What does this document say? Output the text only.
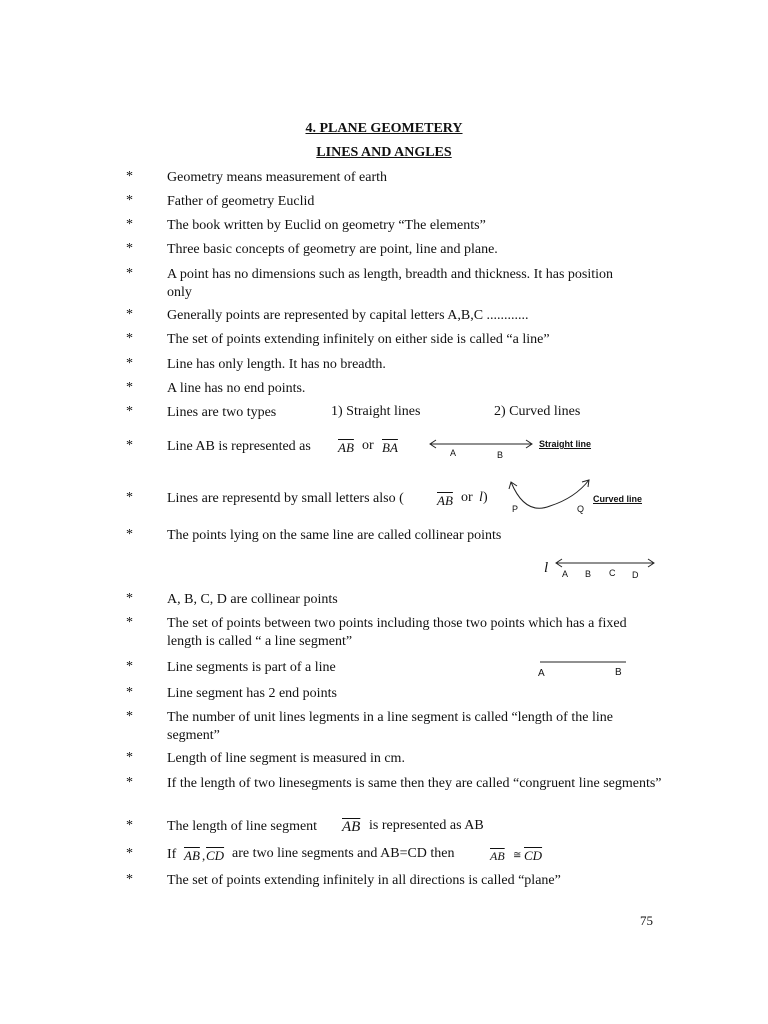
4. PLANE GEOMETERY
LINES AND ANGLES
* Geometry means measurement of earth
* Father of geometry Euclid
* The book written by Euclid on geometry “The elements”
* Three basic concepts of geometry are point, line and plane.
* A point has no dimensions such as length, breadth and thickness. It has position only
* Generally points are represented by capital letters A,B,C ............
* The set of points extending infinitely on either side is called “a line”
* Line has only length. It has no breadth.
* A line has no end points.
* Lines are two types	1) Straight lines	2) Curved lines
* Line AB is represented as	$\overline{AB}$ or $\overline{BA}$	Straight line
A	B
* Lines are representd by small letters also (	$\overline{AB}$ or l )
P	Q
Curved line
* The points lying on the same line are called collinear points
l A B C D
* A, B, C, D are collinear points
* The set of points between two points including those two points which has a fixed length is called “ a line segment”
* Line segments is part of a line	A	B
* Line segment has 2 end points
* The number of unit lines legments in a line segment is called “length of the line segment”
* Length of line segment is measured in cm.
* If the length of two linesegments is same then they are called “congruent line segments”
* The length of line segment	$\overline{AB}$ is represented as AB
* If $\overline{AB}$ , $\overline{CD}$ are two line segments and AB=CD then	$\overline{AB}$ ≅ $\overline{CD}$
* The set of points extending infinitely in all directions is called “plane”
75
